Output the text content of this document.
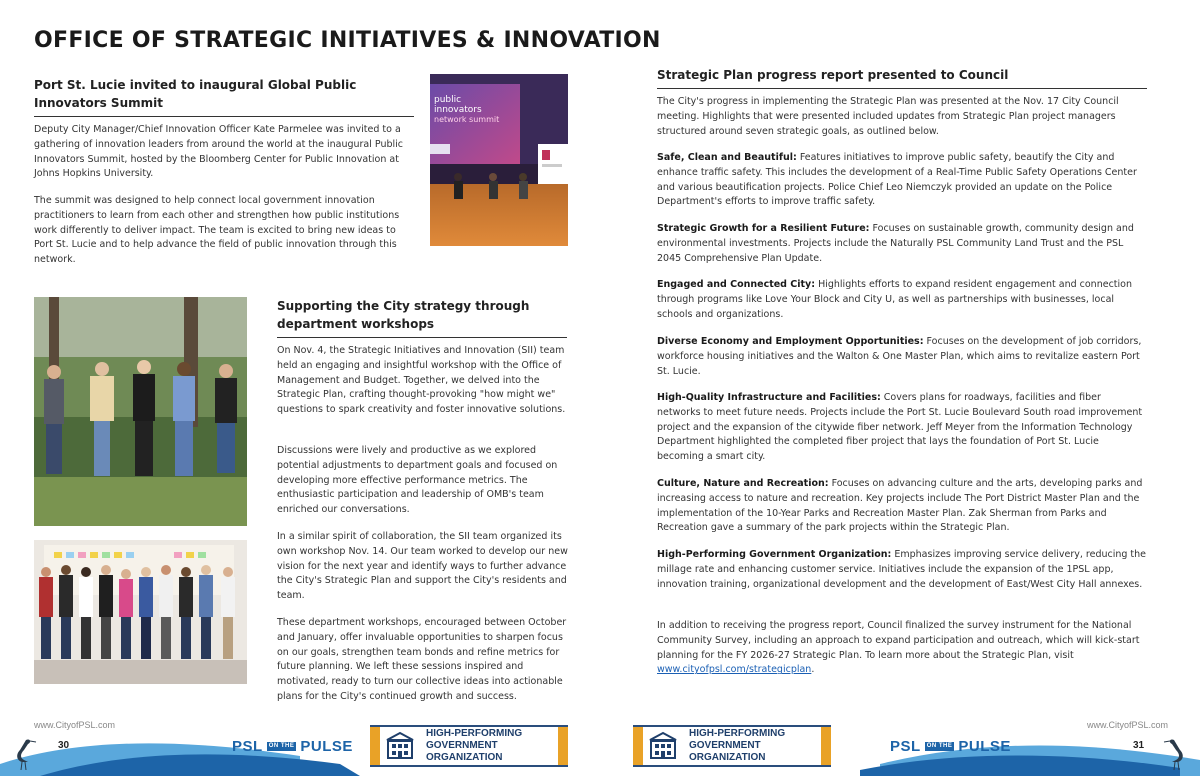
OFFICE OF STRATEGIC INITIATIVES & INNOVATION
Port St. Lucie invited to inaugural Global Public Innovators Summit
Deputy City Manager/Chief Innovation Officer Kate Parmelee was invited to a gathering of innovation leaders from around the world at the inaugural Public Innovators Summit, hosted by the Bloomberg Center for Public Innovation at Johns Hopkins University.
The summit was designed to help connect local government innovation practitioners to learn from each other and strengthen how public institutions work differently to deliver impact. The team is excited to bring new ideas to Port St. Lucie and to help advance the field of public innovation through this network.
public
innovators
network summit
Supporting the City strategy through department workshops
On Nov. 4, the Strategic Initiatives and Innovation (SII) team held an engaging and insightful workshop with the Office of Management and Budget. Together, we delved into the Strategic Plan, crafting thought-provoking "how might we" questions to spark creativity and foster innovative solutions.
Discussions were lively and productive as we explored potential adjustments to department goals and focused on developing more effective performance metrics. The enthusiastic participation and leadership of OMB's team enriched our conversations.
In a similar spirit of collaboration, the SII team organized its own workshop Nov. 14. Our team worked to develop our new vision for the next year and identify ways to further advance the City's Strategic Plan and support the City's residents and team.
These department workshops, encouraged between October and January, offer invaluable opportunities to sharpen focus on our goals, strengthen team bonds and refine metrics for future planning. We left these sessions inspired and motivated, ready to turn our collective ideas into actionable plans for the City's continued growth and success.
Strategic Plan progress report presented to Council
The City's progress in implementing the Strategic Plan was presented at the Nov. 17 City Council meeting. Highlights that were presented included updates from Strategic Plan project managers structured around seven strategic goals, as outlined below.
Safe, Clean and Beautiful: Features initiatives to improve public safety, beautify the City and enhance traffic safety. This includes the development of a Real-Time Public Safety Operations Center and various beautification projects. Police Chief Leo Niemczyk provided an update on the Police Department's efforts to improve traffic safety.
Strategic Growth for a Resilient Future: Focuses on sustainable growth, community design and environmental investments. Projects include the Naturally PSL Community Land Trust and the PSL 2045 Comprehensive Plan Update.
Engaged and Connected City: Highlights efforts to expand resident engagement and connection through programs like Love Your Block and City U, as well as partnerships with businesses, local schools and organizations.
Diverse Economy and Employment Opportunities: Focuses on the development of job corridors, workforce housing initiatives and the Walton & One Master Plan, which aims to revitalize eastern Port St. Lucie.
High-Quality Infrastructure and Facilities: Covers plans for roadways, facilities and fiber networks to meet future needs. Projects include the Port St. Lucie Boulevard South road improvement project and the expansion of the citywide fiber network. Jeff Meyer from the Information Technology Department highlighted the completed fiber project that lays the foundation of Port St. Lucie becoming a smart city.
Culture, Nature and Recreation: Focuses on advancing culture and the arts, developing parks and increasing access to nature and recreation. Key projects include The Port District Master Plan and the implementation of the 10-Year Parks and Recreation Master Plan. Zak Sherman from Parks and Recreation gave a summary of the park projects within the Strategic Plan.
High-Performing Government Organization: Emphasizes improving service delivery, reducing the millage rate and enhancing customer service. Initiatives include the expansion of the 1PSL app, innovation training, organizational development and the development of East/West City Hall annexes.
In addition to receiving the progress report, Council finalized the survey instrument for the National Community Survey, including an approach to expand participation and outreach, which will kick-start planning for the FY 2026-27 Strategic Plan. To learn more about the Strategic Plan, visit www.cityofpsl.com/strategicplan.
www.CityofPSL.com	www.CityofPSL.com
30	31
PSL	ON THE PULSE	PSL	ON THE PULSE
HIGH-PERFORMING
GOVERNMENT
ORGANIZATION
HIGH-PERFORMING
GOVERNMENT
ORGANIZATION
